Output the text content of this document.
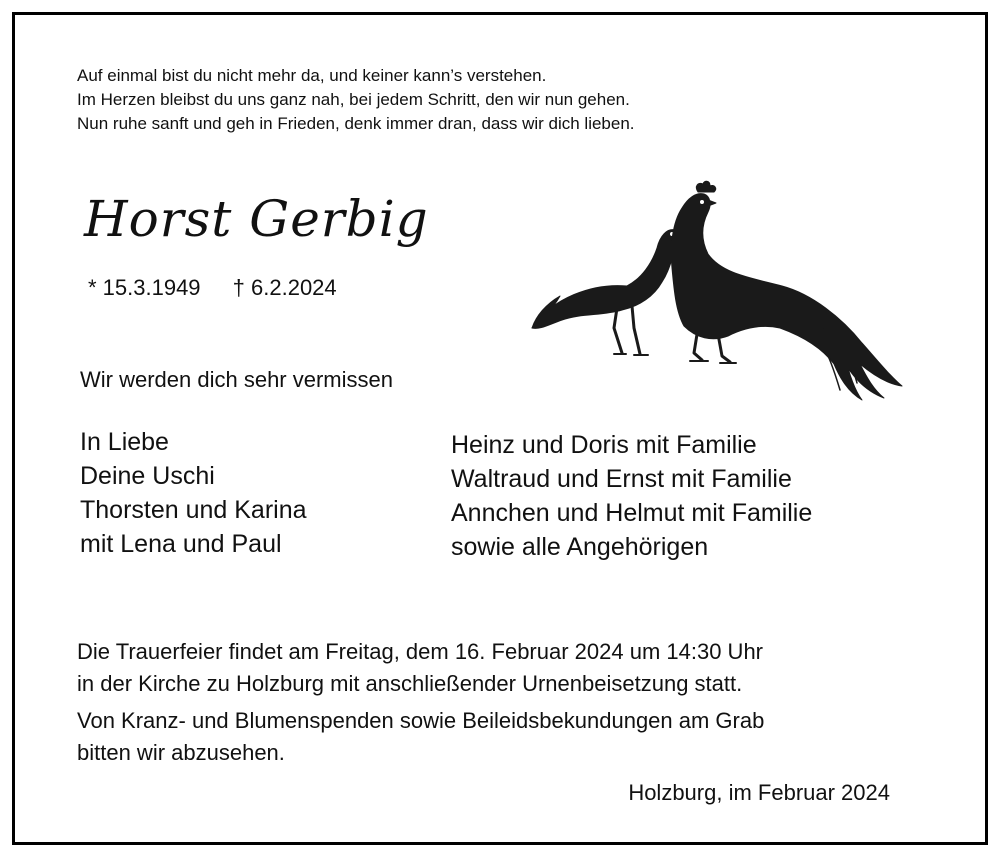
Auf einmal bist du nicht mehr da, und keiner kann’s verstehen.
Im Herzen bleibst du uns ganz nah, bei jedem Schritt, den wir nun gehen.
Nun ruhe sanft und geh in Frieden, denk immer dran, dass wir dich lieben.
Horst Gerbig
* 15.3.1949 † 6.2.2024
Wir werden dich sehr vermissen
In Liebe
Deine Uschi
Thorsten und Karina
mit Lena und Paul
Heinz und Doris mit Familie
Waltraud und Ernst mit Familie
Annchen und Helmut mit Familie
sowie alle Angehörigen
Die Trauerfeier findet am Freitag, dem 16. Februar 2024 um 14:30 Uhr
in der Kirche zu Holzburg mit anschließender Urnenbeisetzung statt.
Von Kranz- und Blumenspenden sowie Beileidsbekundungen am Grab
bitten wir abzusehen.
Holzburg, im Februar 2024
